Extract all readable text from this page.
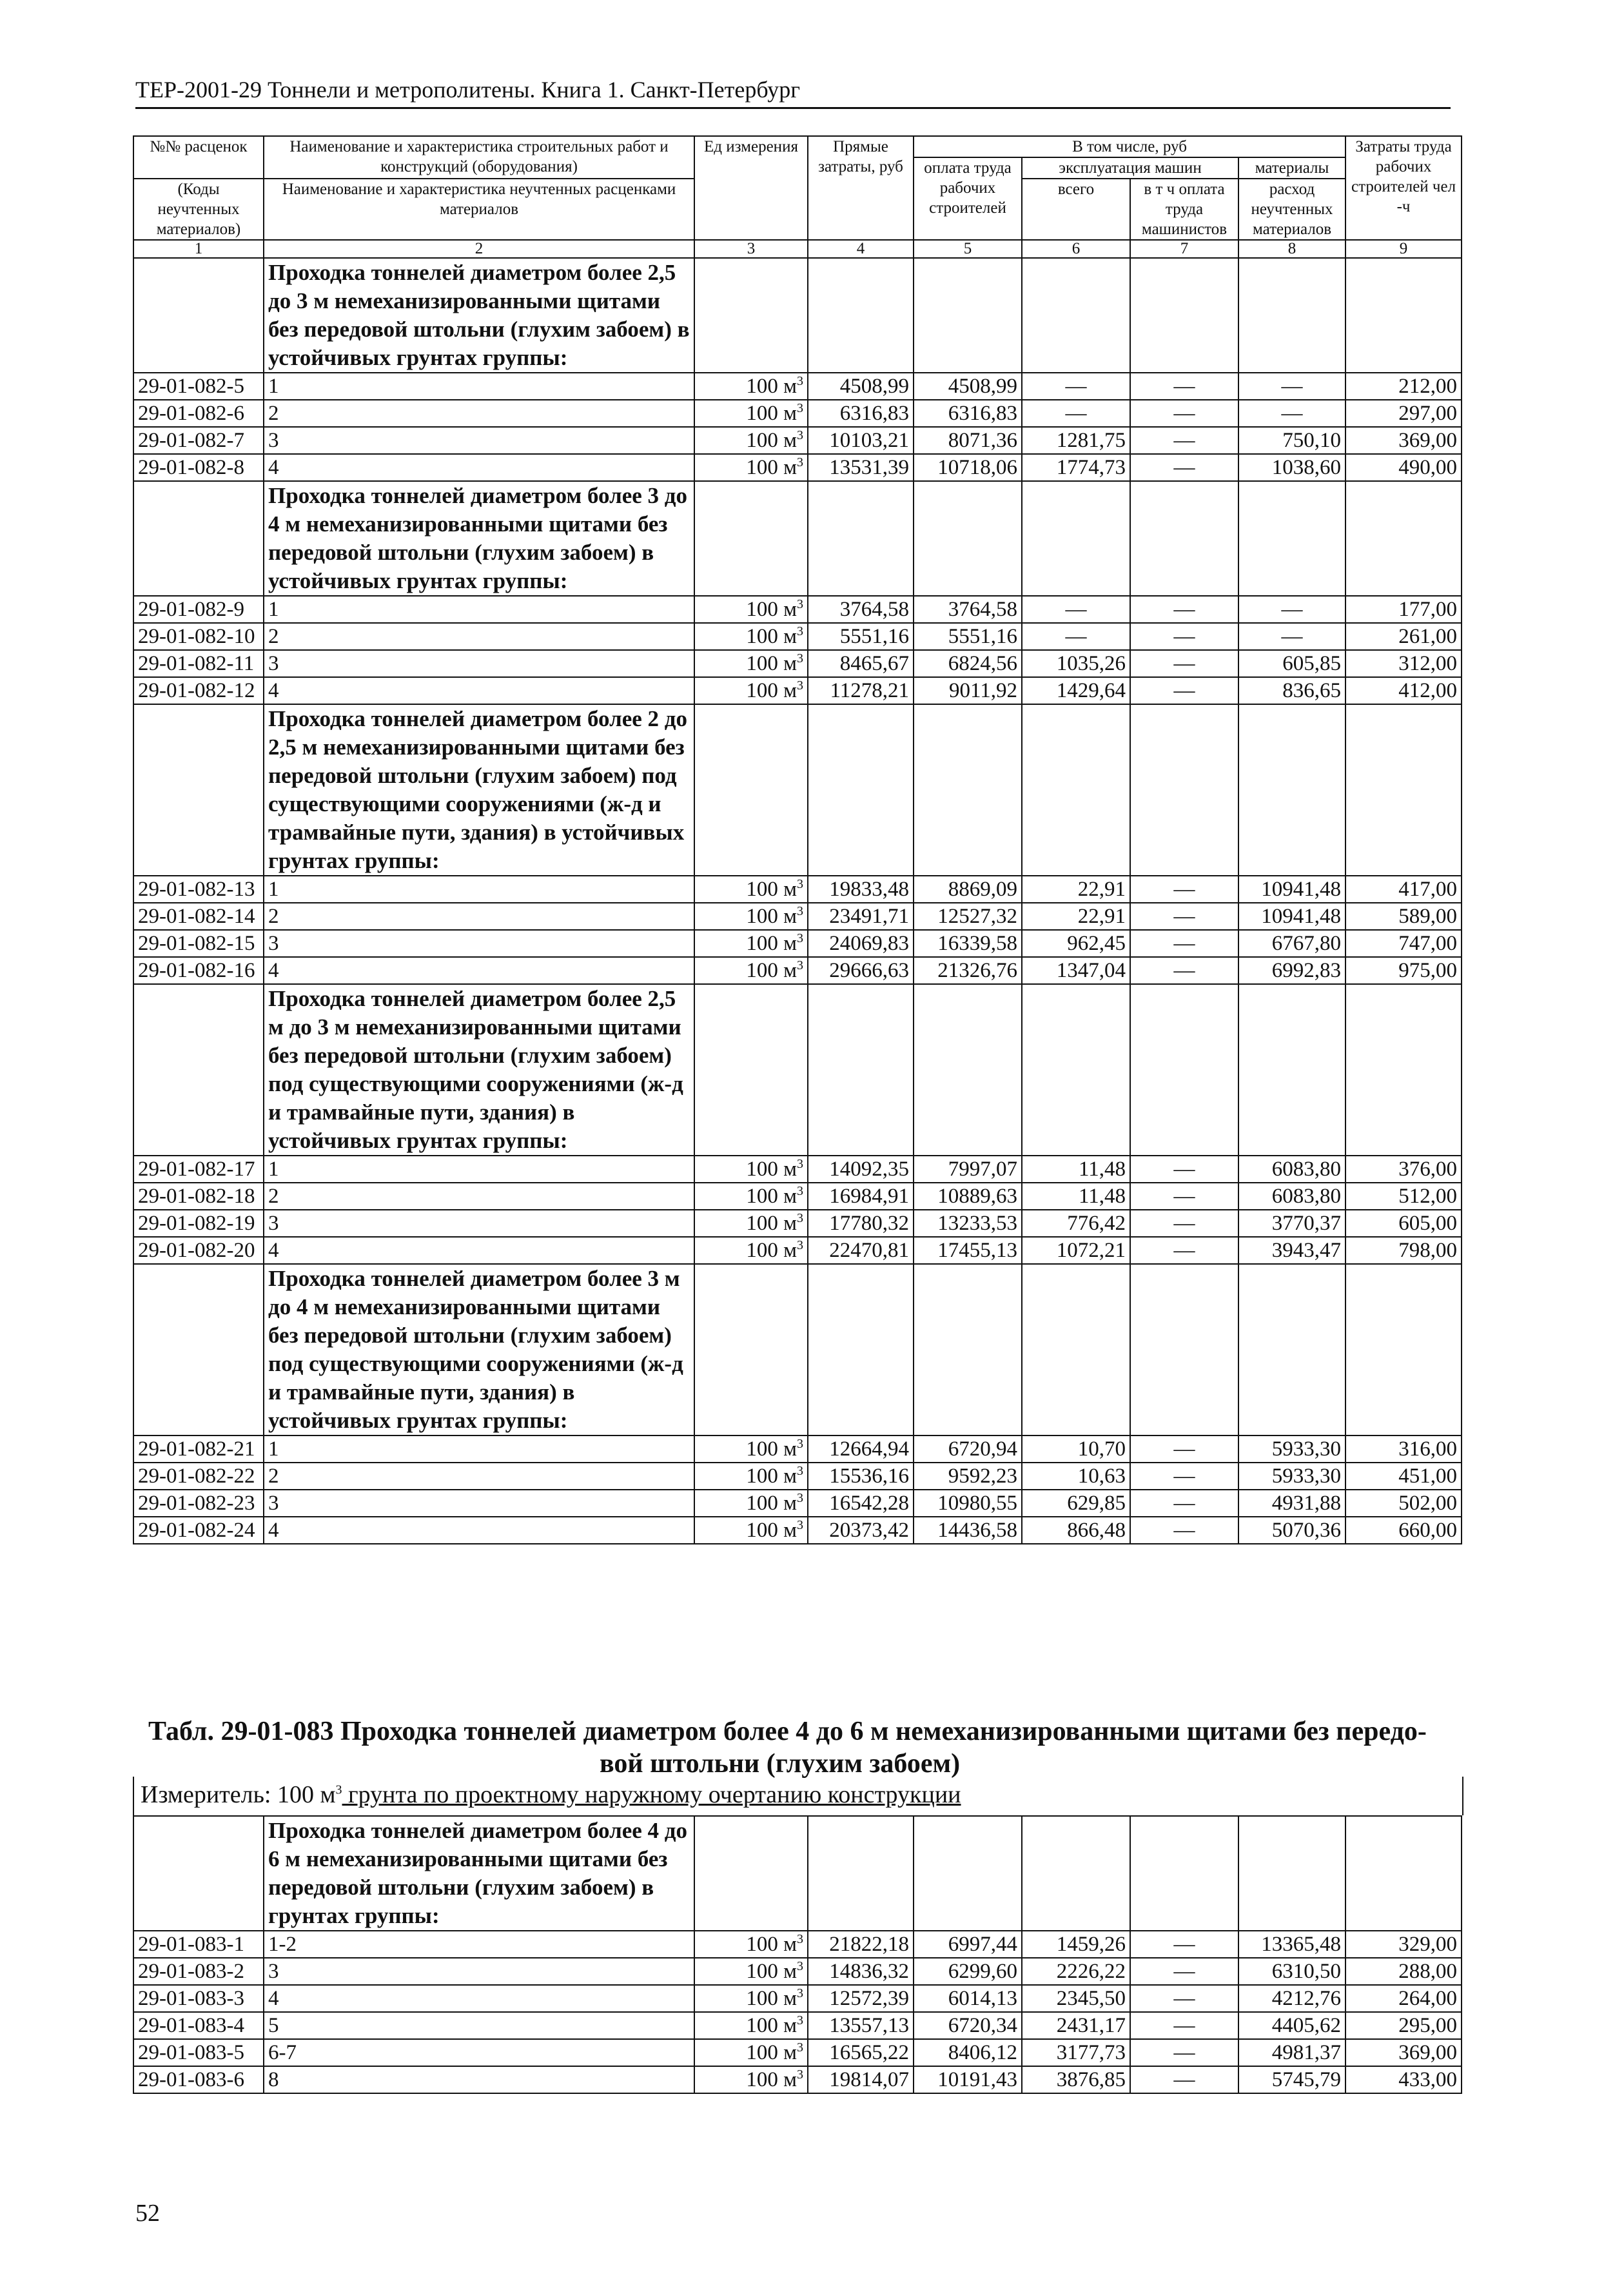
ТЕР-2001-29 Тоннели и метрополитены. Книга 1. Санкт-Петербург
№№ расценок	Наименование и характеристика строительных работ и конструкций (оборудования)	Ед измерения	Прямые затраты, руб	В том числе, руб				Затраты труда рабочих строителей чел -ч
				оплата труда рабочих строителей	эксплуатация машин		материалы	
(Коды неучтенных материалов)	Наименование и характеристика неучтенных расценками материалов				всего	в т ч оплата труда машинистов	расход неучтенных материалов	

1	2	3	4	5	6	7	8	9

	Проходка тоннелей диаметром более 2,5 до 3 м немеханизированными щитами без передовой штольни (глухим забоем) в устойчивых грунтах группы:							

29-01-082-5	1	100 $м^3$	4508,99	4508,99	—	—	—	212,00
29-01-082-6	2	100 $м^3$	6316,83	6316,83	—	—	—	297,00
29-01-082-7	3	100 $м^3$	10103,21	8071,36	1281,75	—	750,10	369,00
29-01-082-8	4	100 $м^3$	13531,39	10718,06	1774,73	—	1038,60	490,00

	Проходка тоннелей диаметром более 3 до 4 м немеханизированными щитами без передовой штольни (глухим забоем) в устойчивых грунтах группы:							

29-01-082-9	1	100 $м^3$	3764,58	3764,58	—	—	—	177,00
29-01-082-10	2	100 $м^3$	5551,16	5551,16	—	—	—	261,00
29-01-082-11	3	100 $м^3$	8465,67	6824,56	1035,26	—	605,85	312,00
29-01-082-12	4	100 $м^3$	11278,21	9011,92	1429,64	—	836,65	412,00

	Проходка тоннелей диаметром более 2 до 2,5 м немеханизированными щитами без передовой штольни (глухим забоем) под существующими сооружениями (ж-д и трамвайные пути, здания) в устойчивых грунтах группы:							

29-01-082-13	1	100 $м^3$	19833,48	8869,09	22,91	—	10941,48	417,00
29-01-082-14	2	100 $м^3$	23491,71	12527,32	22,91	—	10941,48	589,00
29-01-082-15	3	100 $м^3$	24069,83	16339,58	962,45	—	6767,80	747,00
29-01-082-16	4	100 $м^3$	29666,63	21326,76	1347,04	—	6992,83	975,00

	Проходка тоннелей диаметром более 2,5 м до 3 м немеханизированными щитами без передовой штольни (глухим забоем) под существующими сооружениями (ж-д и трамвайные пути, здания) в устойчивых грунтах группы:							

29-01-082-17	1	100 $м^3$	14092,35	7997,07	11,48	—	6083,80	376,00
29-01-082-18	2	100 $м^3$	16984,91	10889,63	11,48	—	6083,80	512,00
29-01-082-19	3	100 $м^3$	17780,32	13233,53	776,42	—	3770,37	605,00
29-01-082-20	4	100 $м^3$	22470,81	17455,13	1072,21	—	3943,47	798,00

	Проходка тоннелей диаметром более 3 м до 4 м немеханизированными щитами без передовой штольни (глухим забоем) под существующими сооружениями (ж-д и трамвайные пути, здания) в устойчивых грунтах группы:							

29-01-082-21	1	100 $м^3$	12664,94	6720,94	10,70	—	5933,30	316,00
29-01-082-22	2	100 $м^3$	15536,16	9592,23	10,63	—	5933,30	451,00
29-01-082-23	3	100 $м^3$	16542,28	10980,55	629,85	—	4931,88	502,00
29-01-082-24	4	100 $м^3$	20373,42	14436,58	866,48	—	5070,36	660,00
Табл. 29-01-083 Проходка тоннелей диаметром более 4 до 6 м немеханизированными щитами без передо-
вой штольни (глухим забоем)
Измеритель: 100 $м^3$ грунта по проектному наружному очертанию конструкции

	Проходка тоннелей диаметром более 4 до 6 м немеханизированными щитами без передовой штольни (глухим забоем) в грунтах группы:							

29-01-083-1	1-2	100 $м^3$	21822,18	6997,44	1459,26	—	13365,48	329,00
29-01-083-2	3	100 $м^3$	14836,32	6299,60	2226,22	—	6310,50	288,00
29-01-083-3	4	100 $м^3$	12572,39	6014,13	2345,50	—	4212,76	264,00
29-01-083-4	5	100 $м^3$	13557,13	6720,34	2431,17	—	4405,62	295,00
29-01-083-5	6-7	100 $м^3$	16565,22	8406,12	3177,73	—	4981,37	369,00
29-01-083-6	8	100 $м^3$	19814,07	10191,43	3876,85	—	5745,79	433,00
52
